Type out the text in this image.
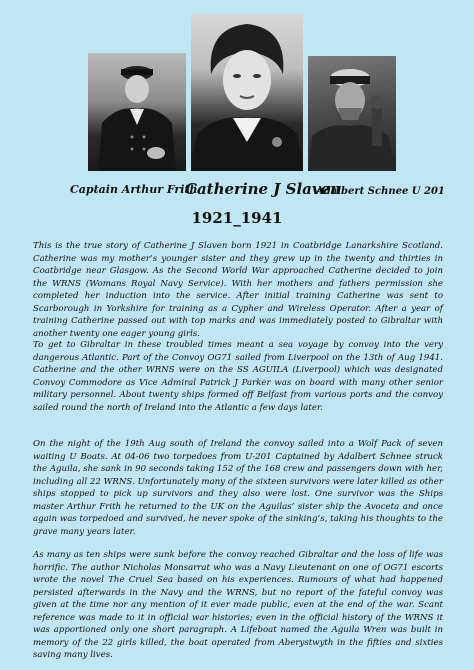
Captain Arthur Frith
Catherine J Slaven
Adalbert Schnee U 201
1921_1941

This is the true story of Catherine J Slaven born 1921 in Coatbridge Lanarkshire Scotland. Catherine was my mother’s younger sister and they grew up in the twenty and thirties in Coatbridge near Glasgow. As the Second World War approached Catherine decided to join the WRNS (Womans Royal Navy Service). With her mothers and fathers permission she completed her induction into the service. After initial training Catherine was sent to Scarborough in Yorkshire for training as a Cypher and Wireless Operator. After a year of training Catherine passed out with top marks and was immediately posted to Gibraltar with another twenty one eager young girls.

To get to Gibraltar in these troubled times meant a sea voyage by convoy into the very dangerous Atlantic. Part of the Convoy OG71 sailed from Liverpool on the 13th of Aug 1941. Catherine and the other WRNS were on the SS AGUILA (Liverpool) which was designated Convoy Commodore as Vice Admiral Patrick J Parker was on board with many other senior military personnel. About twenty ships formed off Belfast from various ports and the convoy sailed round the north of Ireland into the Atlantic a few days later.

On the night of the 19th Aug south of Ireland the convoy sailed into a Wolf Pack of seven waiting U Boats. At 04-06 two torpedoes from U-201 Captained by Adalbert Schnee struck the Aguila, she sank in 90 seconds taking 152 of the 168 crew and passengers down with her, including all 22 WRNS. Unfortunately many of the sixteen survivors were later killed as other ships stopped to pick up survivors and they also were lost. One survivor was the Ships master Arthur Frith he returned to the UK on the Aguilas’ sister ship the Avoceta and once again was torpedoed and survived, he never spoke of the sinking’s, taking his thoughts to the grave many years later.

As many as ten ships were sunk before the convoy reached Gibraltar and the loss of life was horrific. The author Nicholas Monsarrat who was a Navy Lieutenant on one of OG71 escorts wrote the novel The Cruel Sea based on his experiences. Rumours of what had happened persisted afterwards in the Navy and the WRNS, but no report of the fateful convoy was given at the time nor any mention of it ever made public, even at the end of the war. Scant reference was made to it in official war histories; even in the official history of the WRNS it was apportioned only one short paragraph. A Lifeboat named the Aguila Wren was built in memory of the 22 girls killed, the boat operated from Aberystwyth in the fifties and sixties saving many lives.
